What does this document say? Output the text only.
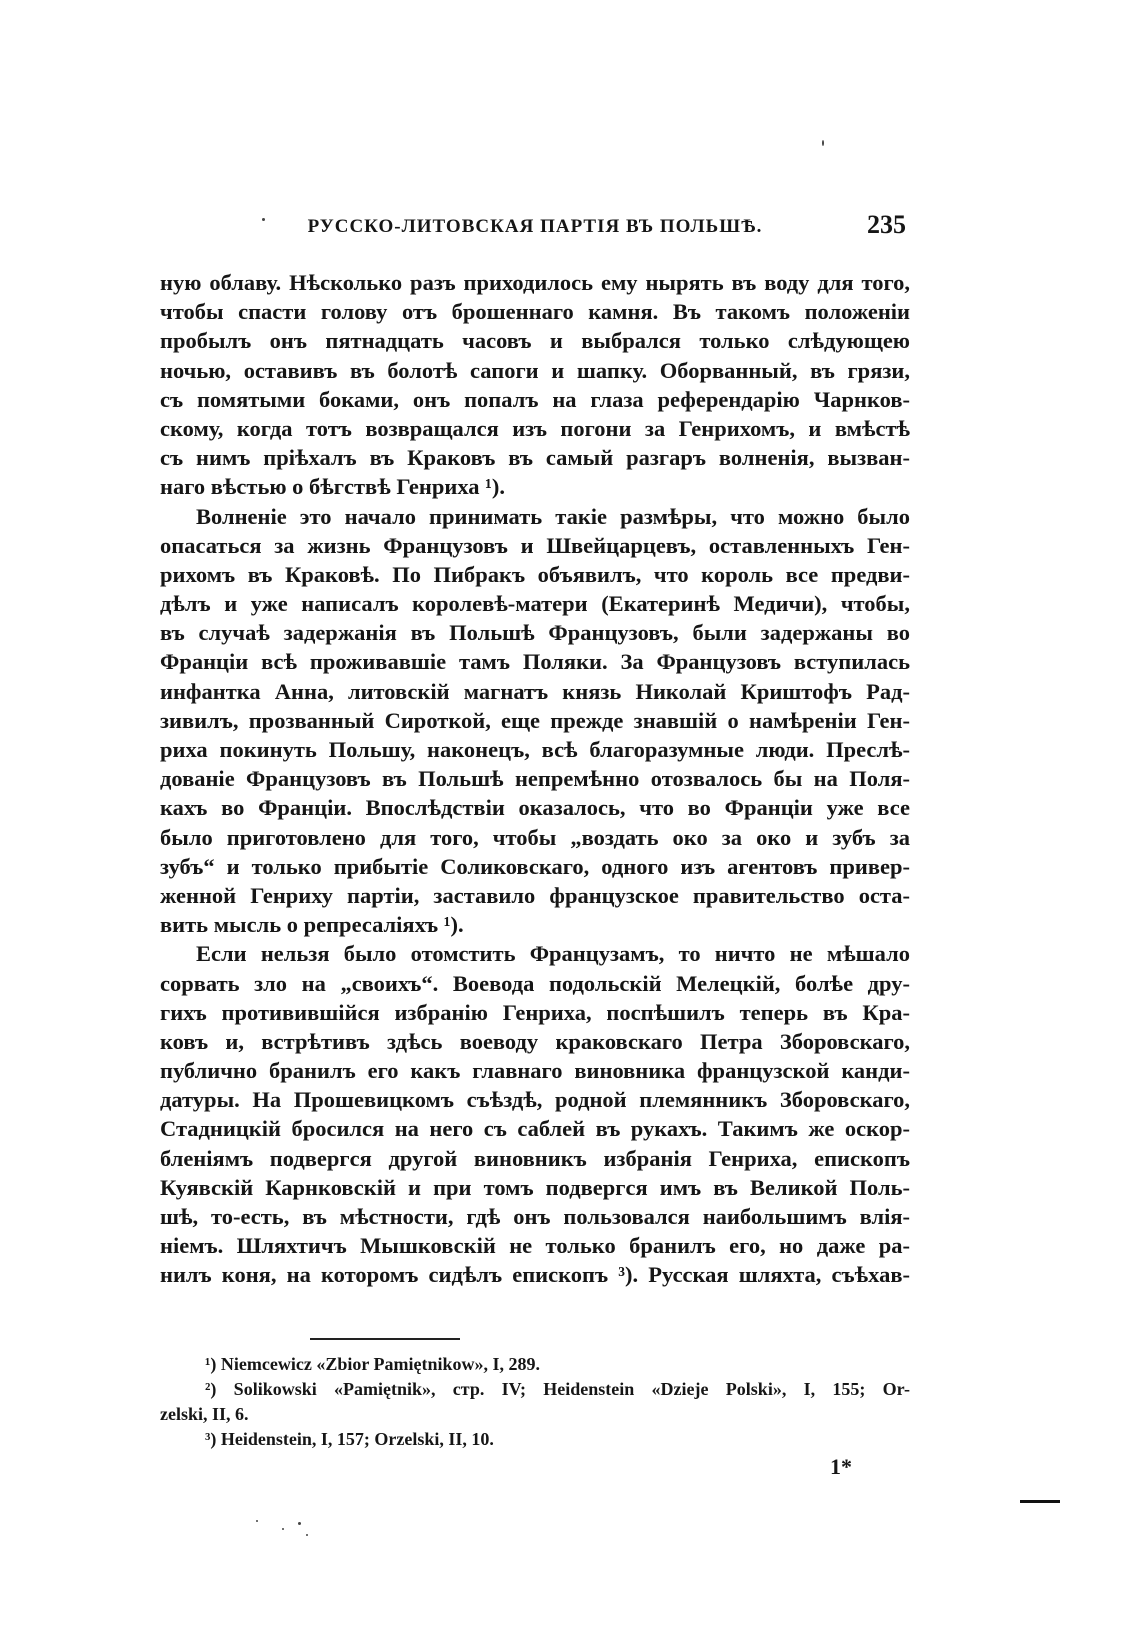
РУССКО-ЛИТОВСКАЯ ПАРТІЯ ВЪ ПОЛЬШѢ.	235
ную облаву. Нѣсколько разъ приходилось ему нырять въ воду для того,
чтобы спасти голову отъ брошеннаго камня. Въ такомъ положеніи
пробылъ онъ пятнадцать часовъ и выбрался только слѣдующею
ночью, оставивъ въ болотѣ сапоги и шапку. Оборванный, въ грязи,
съ помятыми боками, онъ попалъ на глаза референдарію Чарнков-
скому, когда тотъ возвращался изъ погони за Генрихомъ, и вмѣстѣ
съ нимъ пріѣхалъ въ Краковъ въ самый разгаръ волненія, вызван-
наго вѣстью о бѣгствѣ Генриха ¹).
Волненіе это начало принимать такіе размѣры, что можно было
опасаться за жизнь Французовъ и Швейцарцевъ, оставленныхъ Ген-
рихомъ въ Краковѣ. По Пибракъ объявилъ, что король все предви-
дѣлъ и уже написалъ королевѣ-матери (Екатеринѣ Медичи), чтобы,
въ случаѣ задержанія въ Польшѣ Французовъ, были задержаны во
Франціи всѣ проживавшіе тамъ Поляки. За Французовъ вступилась
инфантка Анна, литовскій магнатъ князь Николай Криштофъ Рад-
зивилъ, прозванный Сироткой, еще прежде знавшій о намѣреніи Ген-
риха покинуть Польшу, наконецъ, всѣ благоразумные люди. Преслѣ-
дованіе Французовъ въ Польшѣ непремѣнно отозвалось бы на Поля-
кахъ во Франціи. Впослѣдствіи оказалось, что во Франціи уже все
было приготовлено для того, чтобы „воздать око за око и зубъ за
зубъ“ и только прибытіе Соликовскаго, одного изъ агентовъ привер-
женной Генриху партіи, заставило французское правительство оста-
вить мысль о репресаліяхъ ¹).
Если нельзя было отомстить Французамъ, то ничто не мѣшало
сорвать зло на „своихъ“. Воевода подольскій Мелецкій, болѣе дру-
гихъ противившійся избранію Генриха, поспѣшилъ теперь въ Кра-
ковъ и, встрѣтивъ здѣсь воеводу краковскаго Петра Зборовскаго,
публично бранилъ его какъ главнаго виновника французской канди-
датуры. На Прошевицкомъ съѣздѣ, родной племянникъ Зборовскаго,
Стадницкій бросился на него съ саблей въ рукахъ. Такимъ же оскор-
бленіямъ подвергся другой виновникъ избранія Генриха, епископъ
Куявскій Карнковскій и при томъ подвергся имъ въ Великой Поль-
шѣ, то-есть, въ мѣстности, гдѣ онъ пользовался наибольшимъ влія-
ніемъ. Шляхтичъ Мышковскій не только бранилъ его, но даже ра-
нилъ коня, на которомъ сидѣлъ епископъ ³). Русская шляхта, съѣхав-
¹) Niemcewicz «Zbior Pamiętnikow», I, 289.
²) Solikowski «Pamiętnik», стр. IV; Heidenstein «Dzieje Polski», I, 155; Or-
zelski, II, 6.
³) Heidenstein, I, 157; Orzelski, II, 10.
1*
